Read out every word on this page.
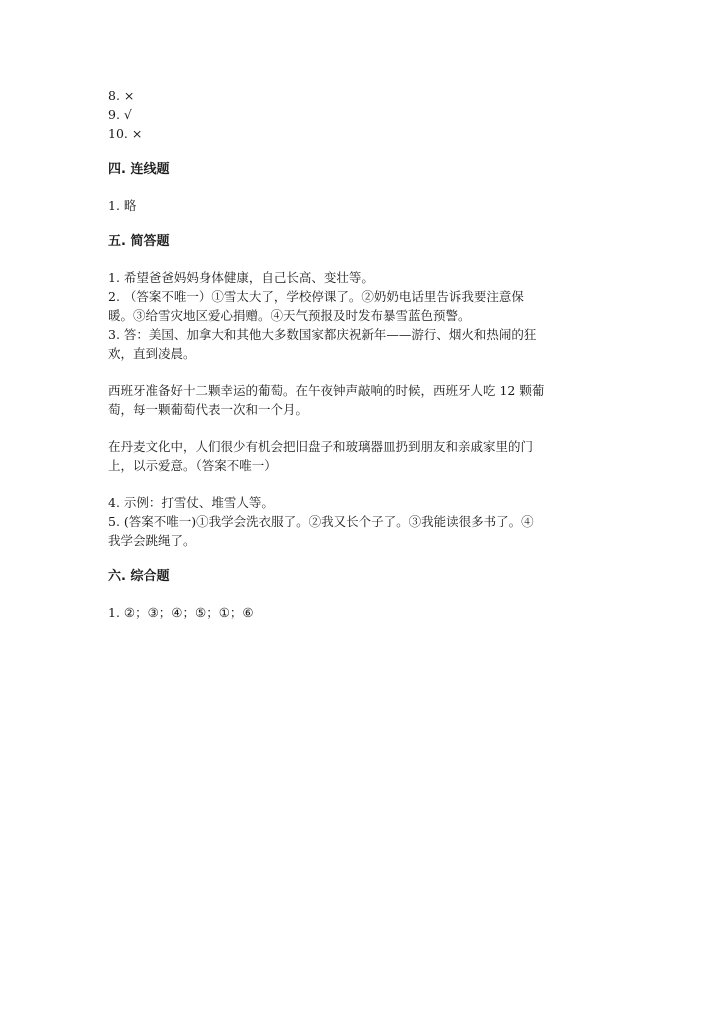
8. ×
9. √
10. ×
四. 连线题
1. 略
五. 简答题
1. 希望爸爸妈妈身体健康，自己长高、变壮等。
2. （答案不唯一）①雪太大了，学校停课了。②奶奶电话里告诉我要注意保
暖。③给雪灾地区爱心捐赠。④天气预报及时发布暴雪蓝色预警。
3. 答：美国、加拿大和其他大多数国家都庆祝新年——游行、烟火和热闹的狂
欢，直到凌晨。
西班牙准备好十二颗幸运的葡萄。在午夜钟声敲响的时候，西班牙人吃 12 颗葡
萄，每一颗葡萄代表一次和一个月。
在丹麦文化中，人们很少有机会把旧盘子和玻璃器皿扔到朋友和亲戚家里的门
上，以示爱意。（答案不唯一）
4. 示例：打雪仗、堆雪人等。
5. (答案不唯一)①我学会洗衣服了。②我又长个子了。③我能读很多书了。④
我学会跳绳了。
六. 综合题
1. ②；③；④；⑤；①；⑥
